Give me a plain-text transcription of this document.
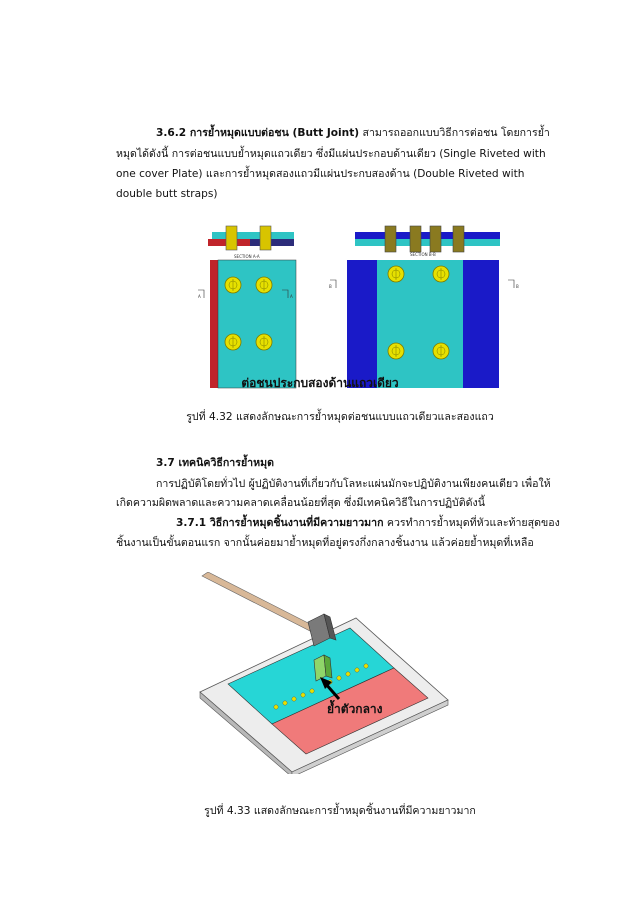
3.6.2 การย้ำหมุดแบบต่อชน (Butt Joint) สามารถออกแบบวิธีการต่อชน โดยการย้ำ
หมุดได้ดังนี้ การต่อชนแบบย้ำหมุดแถวเดียว ซึ่งมีแผ่นประกอบด้านเดียว (Single Riveted with
one cover Plate) และการย้ำหมุดสองแถวมีแผ่นประกบสองด้าน (Double Riveted with
double butt straps)
SECTION A-A	SECTION B-B
A	A
B	B
ต่อชนประกบสองด้านแถวเดียว
รูปที่ 4.32 แสดงลักษณะการย้ำหมุดต่อชนแบบแถวเดียวและสองแถว
3.7 เทคนิควิธีการย้ำหมุด
การปฏิบัติโดยทั่วไป ผู้ปฏิบัติงานที่เกี่ยวกับโลหะแผ่นมักจะปฏิบัติงานเพียงคนเดียว เพื่อให้
เกิดความผิดพลาดและความคลาดเคลื่อนน้อยที่สุด ซึ่งมีเทคนิควิธีในการปฏิบัติดังนี้
3.7.1 วิธีการย้ำหมุดชิ้นงานที่มีความยาวมาก ควรทำการย้ำหมุดที่หัวและท้ายสุดของ
ชิ้นงานเป็นขั้นตอนแรก จากนั้นค่อยมาย้ำหมุดที่อยู่ตรงกึ่งกลางชิ้นงาน แล้วค่อยย้ำหมุดที่เหลือ
ย้ำตัวกลาง
รูปที่ 4.33 แสดงลักษณะการย้ำหมุดชิ้นงานที่มีความยาวมาก
